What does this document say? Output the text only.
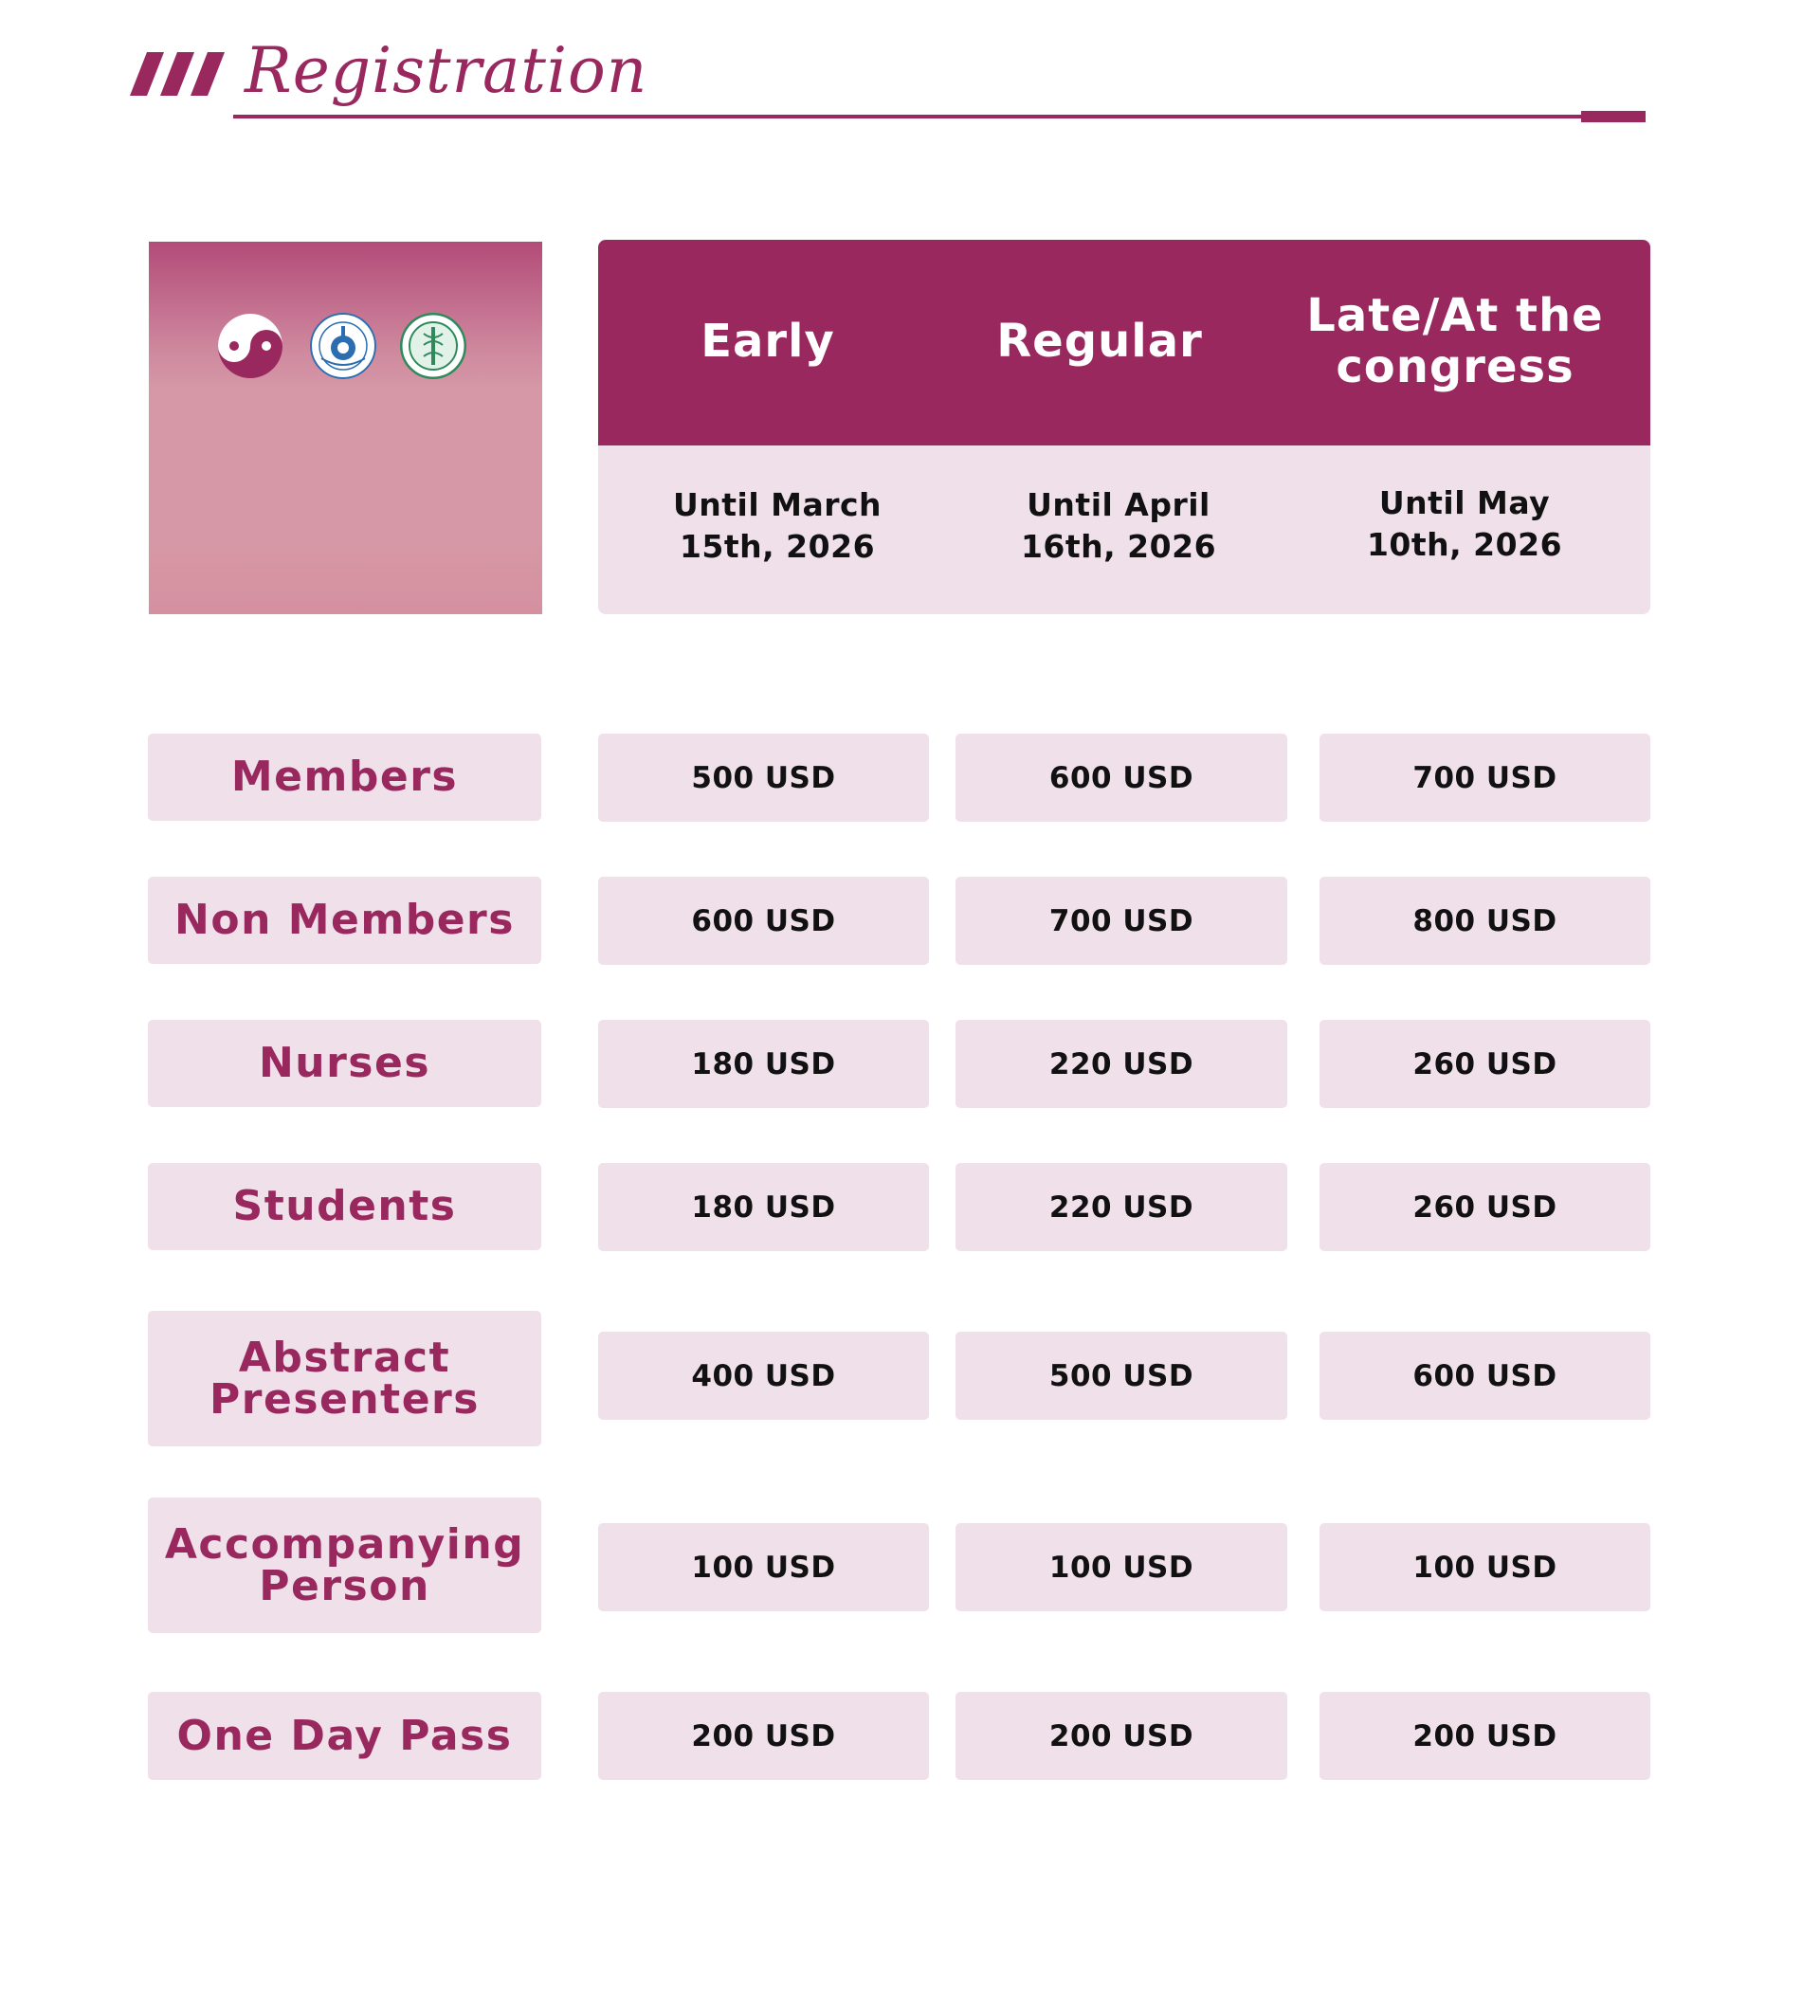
Registration
Early	Regular	Late/At the congress
Until March 15th, 2026
Until April 16th, 2026
Until May 10th, 2026
Members	500 USD	600 USD	700 USD
Non Members	600 USD	700 USD	800 USD
Nurses	180 USD	220 USD	260 USD
Students	180 USD	220 USD	260 USD
Abstract Presenters	400 USD	500 USD	600 USD
Accompanying Person	100 USD	100 USD	100 USD
One Day Pass	200 USD	200 USD	200 USD
